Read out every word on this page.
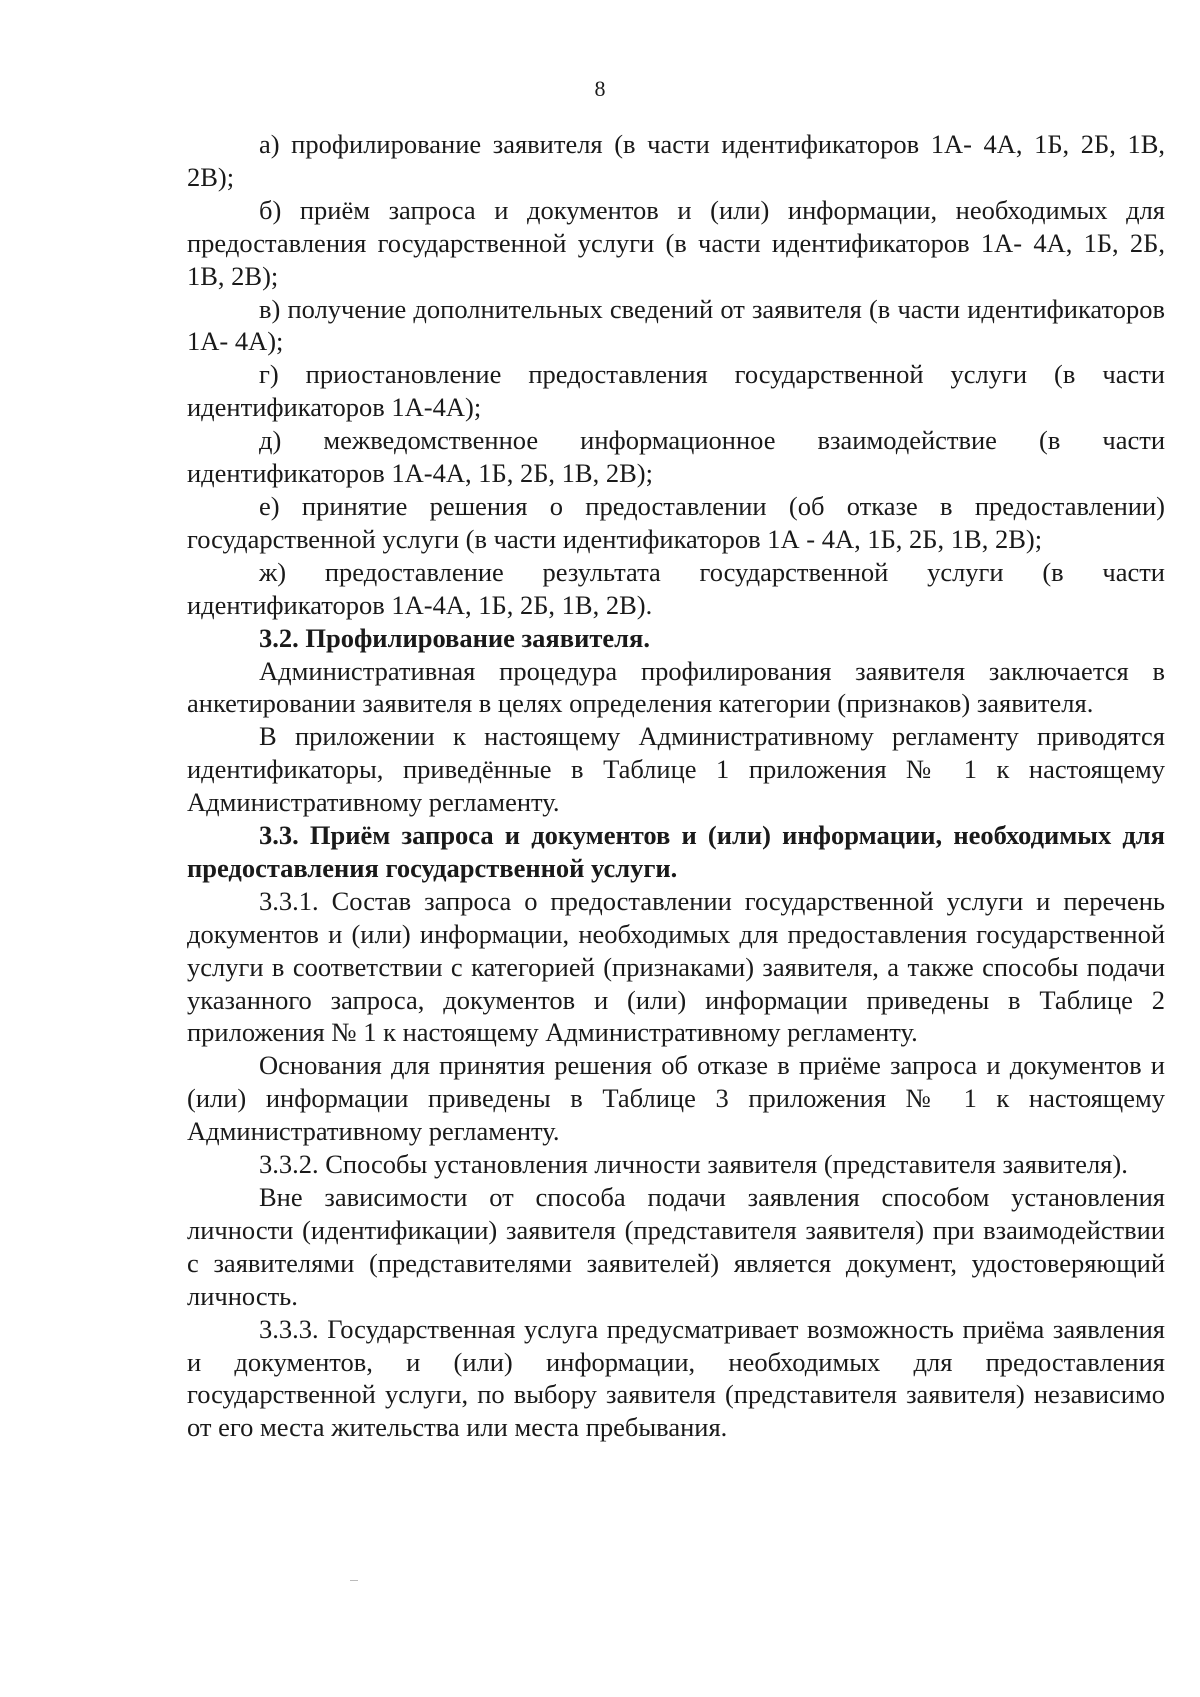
8

а) профилирование заявителя (в части идентификаторов 1А- 4А, 1Б, 2Б, 1В, 2В);

б) приём запроса и документов и (или) информации, необходимых для предоставления государственной услуги (в части идентификаторов 1А- 4А, 1Б, 2Б, 1В, 2В);

в) получение дополнительных сведений от заявителя (в части идентификаторов 1А- 4А);

г) приостановление предоставления государственной услуги (в части идентификаторов 1А-4А);

д) межведомственное информационное взаимодействие (в части идентификаторов 1А-4А, 1Б, 2Б, 1В, 2В);

е) принятие решения о предоставлении (об отказе в предоставлении) государственной услуги (в части идентификаторов 1А - 4А, 1Б, 2Б, 1В, 2В);

ж) предоставление результата государственной услуги (в части идентификаторов 1А-4А, 1Б, 2Б, 1В, 2В).

3.2. Профилирование заявителя.

Административная процедура профилирования заявителя заключается в анкетировании заявителя в целях определения категории (признаков) заявителя.

В приложении к настоящему Административному регламенту приводятся идентификаторы, приведённые в Таблице 1 приложения № 1 к настоящему Административному регламенту.

3.3. Приём запроса и документов и (или) информации, необходимых для предоставления государственной услуги.

3.3.1. Состав запроса о предоставлении государственной услуги и перечень документов и (или) информации, необходимых для предоставления государственной услуги в соответствии с категорией (признаками) заявителя, а также способы подачи указанного запроса, документов и (или) информации приведены в Таблице 2 приложения № 1 к настоящему Административному регламенту.

Основания для принятия решения об отказе в приёме запроса и документов и (или) информации приведены в Таблице 3 приложения № 1 к настоящему Административному регламенту.

3.3.2. Способы установления личности заявителя (представителя заявителя).

Вне зависимости от способа подачи заявления способом установления личности (идентификации) заявителя (представителя заявителя) при взаимодействии с заявителями (представителями заявителей) является документ, удостоверяющий личность.

3.3.3. Государственная услуга предусматривает возможность приёма заявления и документов, и (или) информации, необходимых для предоставления государственной услуги, по выбору заявителя (представителя заявителя) независимо от его места жительства или места пребывания.
